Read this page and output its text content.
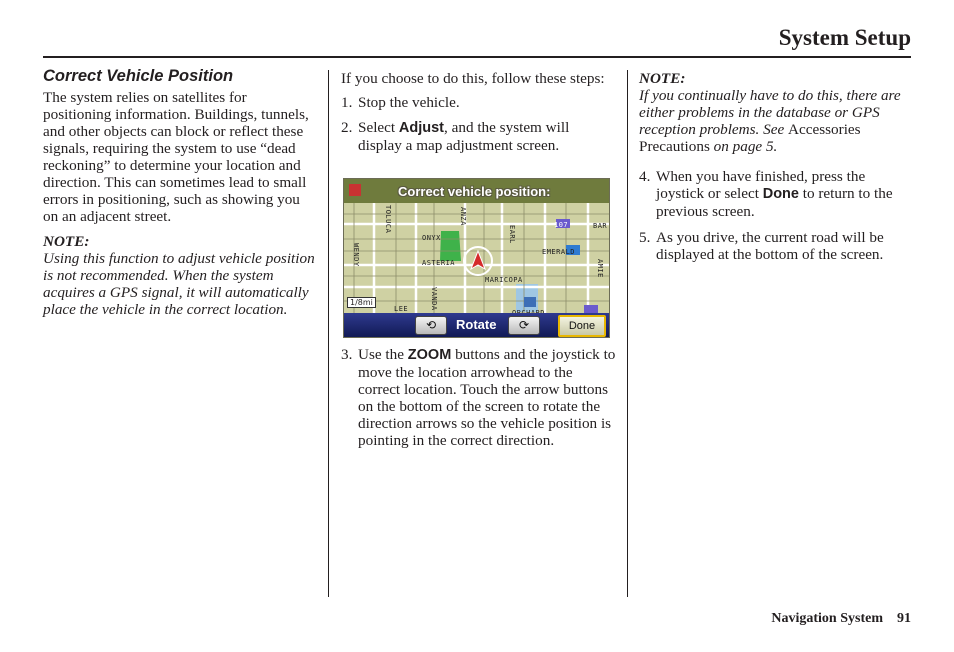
System Setup

Correct Vehicle Position

The system relies on satellites for positioning information. Buildings, tunnels, and other objects can block or reflect these signals, requiring the system to use “dead reckoning” to determine your location and direction. This can sometimes lead to small errors in positioning, such as showing you on an adjacent street.

NOTE:

Using this function to adjust vehicle position is not recommended. When the system acquires a GPS signal, it will automatically place the vehicle in the correct location.

If you choose to do this, follow these steps:

1. Stop the vehicle.
2. Select Adjust, and the system will display a map adjustment screen.
Correct vehicle position:
TOLUCA
WENDY
ANZA
EARL
ONYX
ASTERIA
MARICOPA
EMERALD
AMIE
BAR
VANDA
LEE
107
1/8mi
⟲	Rotate	⟳	Done
3. Use the ZOOM buttons and the joystick to move the location arrowhead to the correct location. Touch the arrow buttons on the bottom of the screen to rotate the direction arrows so the vehicle position is pointing in the correct direction.

NOTE:

If you continually have to do this, there are either problems in the database or GPS reception problems. See Accessories Precautions on page 5.

4. When you have finished, press the joystick or select Done to return to the previous screen.
5. As you drive, the current road will be displayed at the bottom of the screen.
Navigation System 91
